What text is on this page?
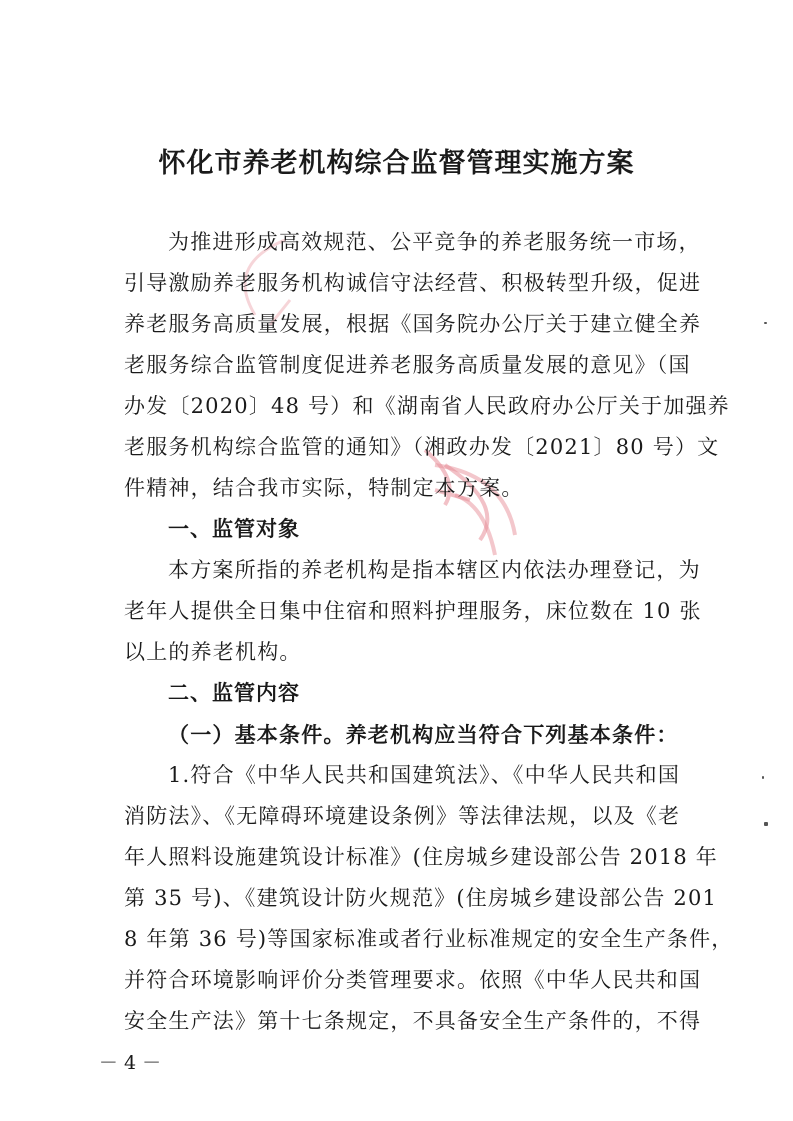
怀化市养老机构综合监督管理实施方案
为推进形成高效规范、公平竞争的养老服务统一市场，
引导激励养老服务机构诚信守法经营、积极转型升级，促进
养老服务高质量发展，根据《国务院办公厅关于建立健全养
老服务综合监管制度促进养老服务高质量发展的意见》（国
办发〔2020〕48 号）和《湖南省人民政府办公厅关于加强养
老服务机构综合监管的通知》（湘政办发〔2021〕80 号）文
件精神，结合我市实际，特制定本方案。
一、监管对象
本方案所指的养老机构是指本辖区内依法办理登记，为
老年人提供全日集中住宿和照料护理服务，床位数在 10 张
以上的养老机构。
二、监管内容
（一）基本条件。养老机构应当符合下列基本条件：
1.符合《中华人民共和国建筑法》、《中华人民共和国
消防法》、《无障碍环境建设条例》等法律法规，以及《老
年人照料设施建筑设计标准》(住房城乡建设部公告 2018 年
第 35 号)、《建筑设计防火规范》(住房城乡建设部公告 201
8 年第 36 号)等国家标准或者行业标准规定的安全生产条件，
并符合环境影响评价分类管理要求。依照《中华人民共和国
安全生产法》第十七条规定，不具备安全生产条件的，不得
－ 4 －
